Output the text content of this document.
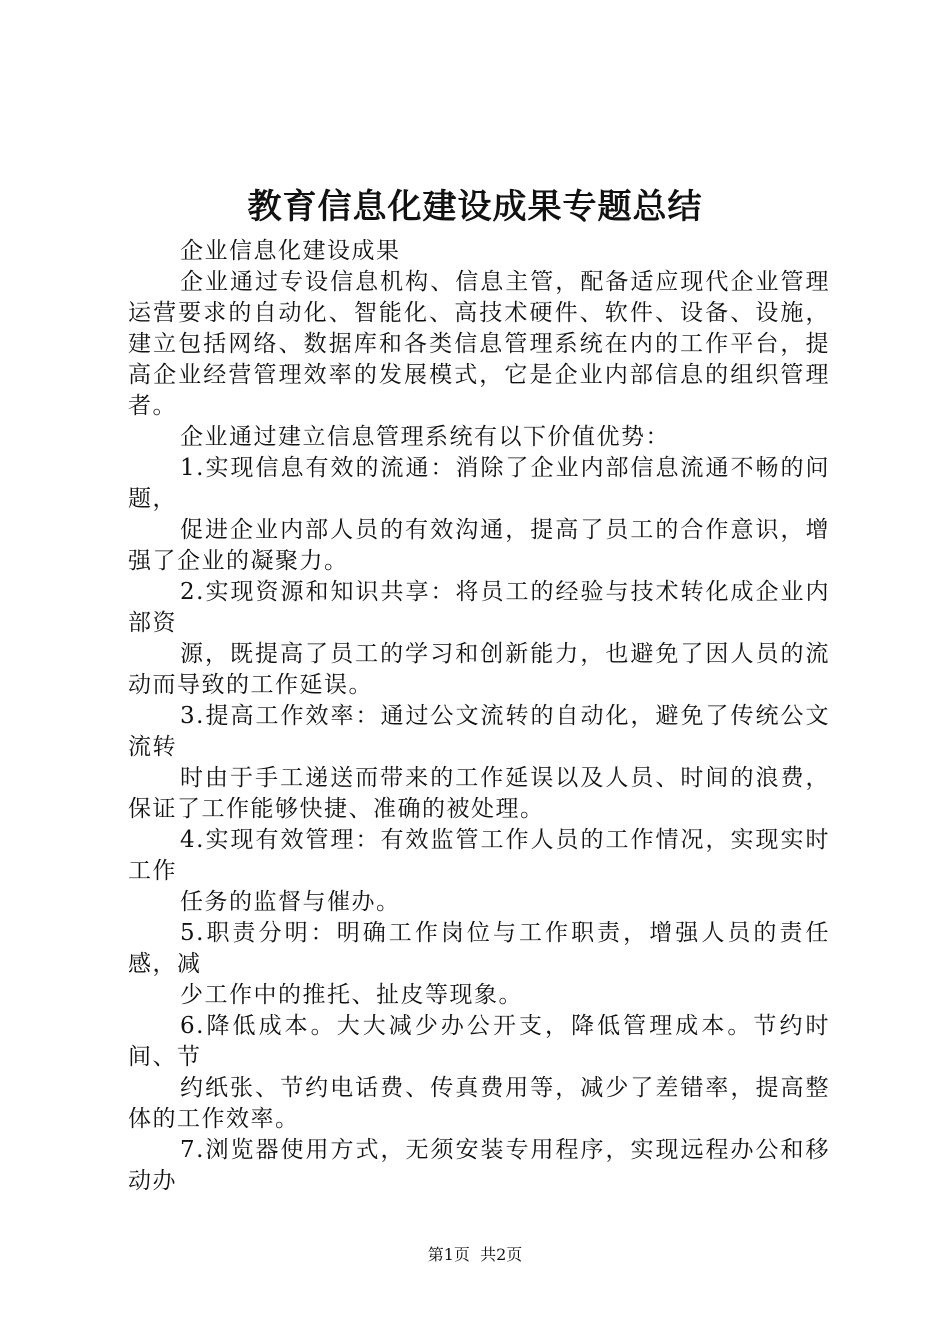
教育信息化建设成果专题总结

企业信息化建设成果

企业通过专设信息机构、信息主管，配备适应现代企业管理运营要求的自动化、智能化、高技术硬件、软件、设备、设施，建立包括网络、数据库和各类信息管理系统在内的工作平台，提高企业经营管理效率的发展模式，它是企业内部信息的组织管理者。

企业通过建立信息管理系统有以下价值优势：

1.实现信息有效的流通：消除了企业内部信息流通不畅的问题，

促进企业内部人员的有效沟通，提高了员工的合作意识，增强了企业的凝聚力。

2.实现资源和知识共享：将员工的经验与技术转化成企业内部资

源，既提高了员工的学习和创新能力，也避免了因人员的流动而导致的工作延误。

3.提高工作效率：通过公文流转的自动化，避免了传统公文流转

时由于手工递送而带来的工作延误以及人员、时间的浪费，保证了工作能够快捷、准确的被处理。

4.实现有效管理：有效监管工作人员的工作情况，实现实时工作

任务的监督与催办。

5.职责分明：明确工作岗位与工作职责，增强人员的责任感，减

少工作中的推托、扯皮等现象。

6.降低成本。大大减少办公开支，降低管理成本。节约时间、节

约纸张、节约电话费、传真费用等，减少了差错率，提高整体的工作效率。

7.浏览器使用方式，无须安装专用程序，实现远程办公和移动办

第1页  共2页
